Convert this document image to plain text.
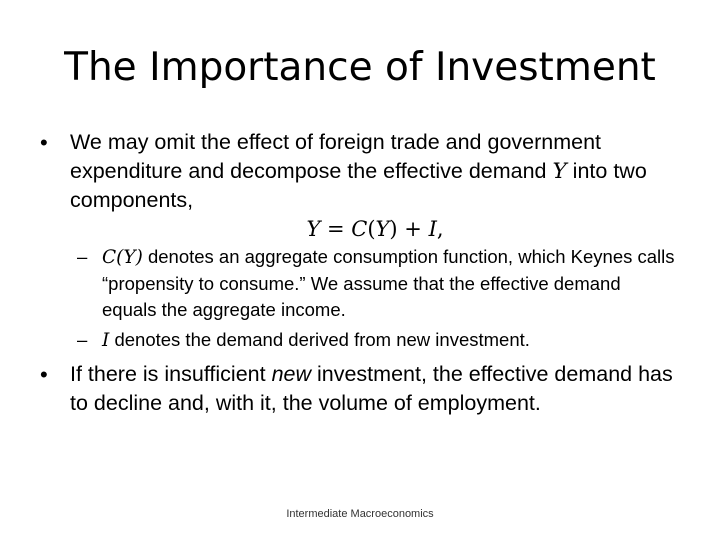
The Importance of Investment
• We may omit the effect of foreign trade and government expenditure and decompose the effective demand Y into two components,
Y = C(Y) + I,
– C(Y) denotes an aggregate consumption function, which Keynes calls “propensity to consume.” We assume that the effective demand equals the aggregate income.
– I denotes the demand derived from new investment.
• If there is insufficient new investment, the effective demand has to decline and, with it, the volume of employment.
Intermediate Macroeconomics
